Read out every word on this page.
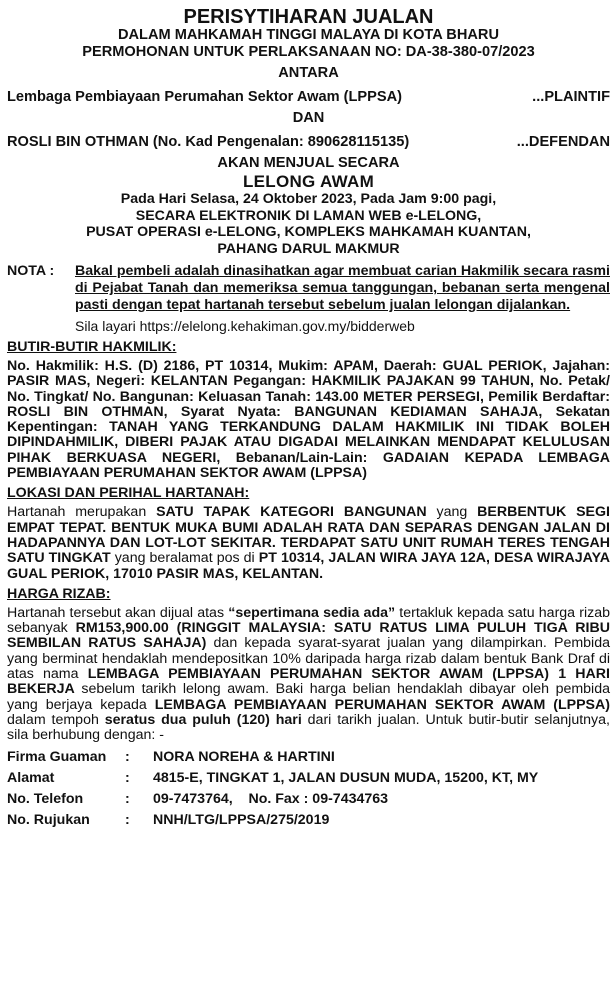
PERISYTIHARAN JUALAN
DALAM MAHKAMAH TINGGI MALAYA DI KOTA BHARU
PERMOHONAN UNTUK PERLAKSANAAN NO: DA-38-380-07/2023
ANTARA
Lembaga Pembiayaan Perumahan Sektor Awam (LPPSA)	...PLAINTIF
DAN
ROSLI BIN OTHMAN (No. Kad Pengenalan: 890628115135)	...DEFENDAN
AKAN MENJUAL SECARA
LELONG AWAM
Pada Hari Selasa, 24 Oktober 2023, Pada Jam 9:00 pagi,
SECARA ELEKTRONIK DI LAMAN WEB e-LELONG,
PUSAT OPERASI e-LELONG, KOMPLEKS MAHKAMAH KUANTAN,
PAHANG DARUL MAKMUR
NOTA :	Bakal pembeli adalah dinasihatkan agar membuat carian Hakmilik secara rasmi di Pejabat Tanah dan memeriksa semua tanggungan, bebanan serta mengenal pasti dengan tepat hartanah tersebut sebelum jualan lelongan dijalankan.
Sila layari https://elelong.kehakiman.gov.my/bidderweb
BUTIR-BUTIR HAKMILIK:
No. Hakmilik: H.S. (D) 2186, PT 10314, Mukim: APAM, Daerah: GUAL PERIOK, Jajahan: PASIR MAS, Negeri: KELANTAN Pegangan: HAKMILIK PAJAKAN 99 TAHUN, No. Petak/ No. Tingkat/ No. Bangunan: Keluasan Tanah: 143.00 METER PERSEGI, Pemilik Berdaftar: ROSLI BIN OTHMAN, Syarat Nyata: BANGUNAN KEDIAMAN SAHAJA, Sekatan Kepentingan: TANAH YANG TERKANDUNG DALAM HAKMILIK INI TIDAK BOLEH DIPINDAHMILIK, DIBERI PAJAK ATAU DIGADAI MELAINKAN MENDAPAT KELULUSAN PIHAK BERKUASA NEGERI, Bebanan/Lain-Lain: GADAIAN KEPADA LEMBAGA PEMBIAYAAN PERUMAHAN SEKTOR AWAM (LPPSA)
LOKASI DAN PERIHAL HARTANAH:
Hartanah merupakan SATU TAPAK KATEGORI BANGUNAN yang BERBENTUK SEGI EMPAT TEPAT. BENTUK MUKA BUMI ADALAH RATA DAN SEPARAS DENGAN JALAN DI HADAPANNYA DAN LOT-LOT SEKITAR. TERDAPAT SATU UNIT RUMAH TERES TENGAH SATU TINGKAT yang beralamat pos di PT 10314, JALAN WIRA JAYA 12A, DESA WIRAJAYA GUAL PERIOK, 17010 PASIR MAS, KELANTAN.
HARGA RIZAB:
Hartanah tersebut akan dijual atas “sepertimana sedia ada” tertakluk kepada satu harga rizab sebanyak RM153,900.00 (RINGGIT MALAYSIA: SATU RATUS LIMA PULUH TIGA RIBU SEMBILAN RATUS SAHAJA) dan kepada syarat-syarat jualan yang dilampirkan. Pembida yang berminat hendaklah mendepositkan 10% daripada harga rizab dalam bentuk Bank Draf di atas nama LEMBAGA PEMBIAYAAN PERUMAHAN SEKTOR AWAM (LPPSA) 1 HARI BEKERJA sebelum tarikh lelong awam. Baki harga belian hendaklah dibayar oleh pembida yang berjaya kepada LEMBAGA PEMBIAYAAN PERUMAHAN SEKTOR AWAM (LPPSA) dalam tempoh seratus dua puluh (120) hari dari tarikh jualan. Untuk butir-butir selanjutnya, sila berhubung dengan: -
Firma Guaman	:	NORA NOREHA & HARTINI
Alamat	:	4815-E, TINGKAT 1, JALAN DUSUN MUDA, 15200, KT, MY
No. Telefon	:	09-7473764,    No. Fax : 09-7434763
No. Rujukan	:	NNH/LTG/LPPSA/275/2019
